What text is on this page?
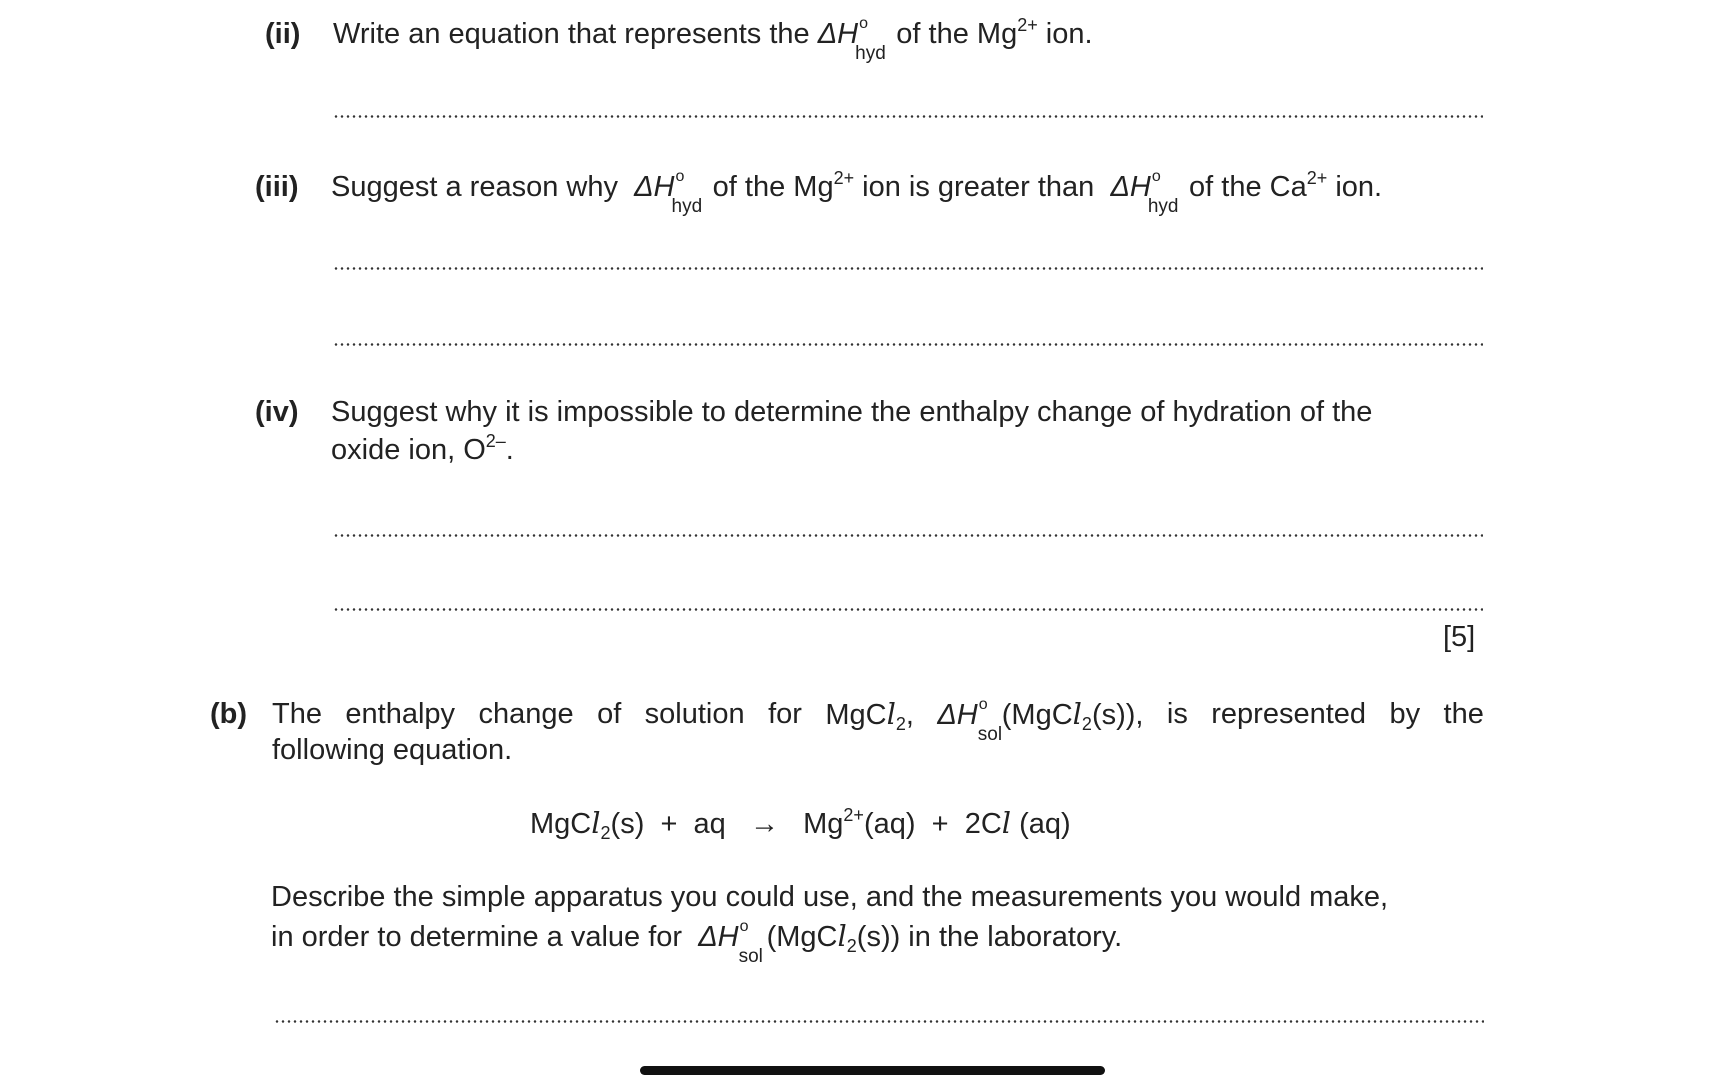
(ii) Write an equation that represents the ΔH o
hyd
of the $Mg^{2+}$ ion.
(iii) Suggest a reason why ΔH o
hyd
of the $Mg^{2+}$ ion is greater than ΔH o
hyd
of the $Ca^{2+}$ ion.
(iv) Suggest why it is impossible to determine the enthalpy change of hydration of the
oxide ion, $O^{2-}$.
[5]
(b) The enthalpy change of solution for MgCl$_2$, ΔH o
sol
(MgCl$_2$(s)), is represented by the
following equation.
MgCl$_2$(s)  +  aq → $Mg^{2+}(aq) + 2Cl$ (aq)
Describe the simple apparatus you could use, and the measurements you would make,
in order to determine a value for ΔH o
sol
(MgCl$_2$(s)) in the laboratory.
